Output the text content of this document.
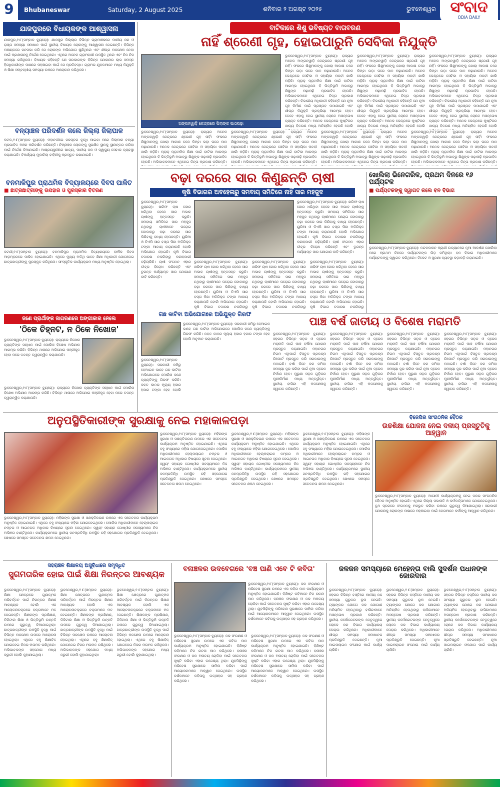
9	Bhubaneswar	Saturday, 2 August 2025	ଶନିବାର ୨ ଅଗଷ୍ଟ ୨୦୨୫	ଭୁବନେଶ୍ୱର ସଂବାଦ
ODIA DAILY
ଯାଜପୁରରେ ବିଧାୟକଙ୍କ ଆଶ୍ୱାସନା
ଯାଜପୁର,୧।୮(ସମ୍ବାଦ ବ୍ୟୁରୋ): ଯାଜପୁର ଜିଲ୍ଲାର ବିଭିନ୍ନ ଗ୍ରାମାଞ୍ଚଳରେ ପାନୀୟ ଜଳ ଓ ରାସ୍ତା ସମସ୍ୟା ସମାଧାନ ପାଇଁ ସ୍ଥାନୀୟ ବିଧାୟକ ଲୋକଙ୍କୁ ଆଶ୍ୱାସନା ଦେଇଛନ୍ତି। ବିଭିନ୍ନ ପଞ୍ଚାୟତରେ ଜନସଭା କରି ସେ ଲୋକଙ୍କ ଅଭିଯୋଗ ଶୁଣିଥିଲେ ଏବଂ ଶୀଘ୍ର ପଦକ୍ଷେପ ନେବା ପାଇଁ ପ୍ରଶାସନକୁ ନିର୍ଦ୍ଦେଶ ଦେଇଥିଲେ। ଏଥିରେ ଅନେକ ଗ୍ରାମବାସୀ ଉପସ୍ଥିତ ଥିଲେ ଏବଂ ନିଜ ନିଜ ସମସ୍ୟା ରଖିଥିଲେ। ବିଧାୟକ କହିଛନ୍ତି ଯେ ସରକାରଙ୍କ ବିଭିନ୍ନ ଯୋଜନାର ଲାଭ ସମସ୍ତ ହିତାଧିକାରୀଙ୍କ ପାଖରେ ପହଞ୍ଚାଇବା ପାଇଁ ସେ ପ୍ରତିବଦ୍ଧ। ଗ୍ରାମର ଯୁବକମାନେ ମଧ୍ୟ ନିଯୁକ୍ତି ଓ ଶିକ୍ଷା ସମ୍ବନ୍ଧୀୟ ସମସ୍ୟା ଉପରେ ଆଲୋଚନା କରିଥିଲେ।
ବନ୍ୟାଞ୍ଚଳ ପରିଦର୍ଶନ କଲେ ଜିଲ୍ଲା ଜିଲାପାଳ
କଟକ,୧।୮(ସମ୍ବାଦ ବ୍ୟୁରୋ): ମହାନଦୀରେ ଜଳସ୍ତର ବୃଦ୍ଧି ପାଇବା ପରେ ଜିଲାପାଳ ବନ୍ୟା ପ୍ରଭାବିତ ଅଞ୍ଚଳ ପରିଦର୍ଶନ କରିଛନ୍ତି। ନିମ୍ନାଞ୍ଚଳ ଲୋକଙ୍କୁ ସୁରକ୍ଷିତ ସ୍ଥାନକୁ ସ୍ଥାନାନ୍ତର କରିବା ପାଇଁ ନିର୍ଦ୍ଦେଶ ଦିଆଯାଇଛି। ଆଶ୍ରୟସ୍ଥଳୀରେ ଖାଦ୍ୟ, ପାନୀୟ ଜଳ ଓ ସ୍ୱାସ୍ଥ୍ୟ ସେବାର ବ୍ୟବସ୍ଥା କରାଯାଇଛି। ବିପର୍ଯ୍ୟୟ ମୁକାବିଲା ବାହିନୀକୁ ପ୍ରସ୍ତୁତ ରଖାଯାଇଛି।
ବନମାଳିପୁର ପ୍ରାଥମିକ ବିଦ୍ୟାଳୟରେ ଦିବସ ପାଳିତ
■ ଛାତ୍ରଛାତ୍ରୀଙ୍କୁ ଉପହାର ଓ ପୁରସ୍କାର ବିତରଣ
ଜଟଣୀ,୧।୮(ସମ୍ବାଦ ବ୍ୟୁରୋ): ବନମାଳିପୁର ପ୍ରାଥମିକ ବିଦ୍ୟାଳୟରେ ବାର୍ଷିକ ଦିବସ ଆଡ଼ମ୍ବରରେ ପାଳିତ ହୋଇଯାଇଛି। ଏଥିରେ ମୁଖ୍ୟ ଅତିଥି ଭାବେ ଶିକ୍ଷା ଅଧିକାରୀ ଯୋଗଦେଇ ଛାତ୍ରଛାତ୍ରୀଙ୍କୁ ପୁରସ୍କୃତ କରିଥିଲେ। ସାଂସ୍କୃତିକ କାର୍ଯ୍ୟକ୍ରମ ମଧ୍ୟ ଅନୁଷ୍ଠିତ ହୋଇଥିଲା।
ଜଣେ ପ୍ରାର୍ଥୀଙ୍କ ଜାଗରଣରେ ଅଙ୍ଗୀକାର ନେଲେ
'ଠିକେ ଚିହ୍ନଟ, ନ ଠିକେ ନିଖୋଜ'
ଭୁବନେଶ୍ୱର,୧।୮(ସମ୍ବାଦ ବ୍ୟୁରୋ): ରାଜ୍ୟରେ ନିଖୋଜ ବ୍ୟକ୍ତିଙ୍କ ସନ୍ଧାନ ପାଇଁ ପୋଲିସ ବିଶେଷ ଅଭିଯାନ ଆରମ୍ଭ କରିଛି। ବିଭିନ୍ନ ଥାନାରେ ଅଭିଯୋଗ ପଞ୍ଜୀକୃତ ହେବା ପରେ ତଦନ୍ତ ତ୍ୱରାନ୍ୱିତ କରାଯାଉଛି।
ଭୁବନେଶ୍ୱର,୧।୮(ସମ୍ବାଦ ବ୍ୟୁରୋ): ରାଜ୍ୟରେ ନିଖୋଜ ବ୍ୟକ୍ତିଙ୍କ ସନ୍ଧାନ ପାଇଁ ପୋଲିସ ବିଶେଷ ଅଭିଯାନ ଆରମ୍ଭ କରିଛି। ବିଭିନ୍ନ ଥାନାରେ ଅଭିଯୋଗ ପଞ୍ଜୀକୃତ ହେବା ପରେ ତଦନ୍ତ ତ୍ୱରାନ୍ୱିତ କରାଯାଉଛି।
ବାଟିକାରେ ଶିଶୁ ଭବିଷ୍ୟତ ବାତାବରଣ
ନାହିଁ ଶ୍ରେଣୀ ଗୃହ, ହୋଇପାରୁନି ସେବିକା ନିଯୁକ୍ତି
ଅଙ୍ଗନୱାଡ଼ି କେନ୍ଦ୍ରରେ ପିଲାଙ୍କ ପାଠପଢ଼ା
ଭୁବନେଶ୍ୱର,୧।୮(ସମ୍ବାଦ ବ୍ୟୁରୋ): ରାଜ୍ୟର ଅନେକ ଅଙ୍ଗନୱାଡ଼ି କେନ୍ଦ୍ରରେ ଶ୍ରେଣୀ ଗୃହ ନାହିଁ। ଫଳରେ ଶିଶୁମାନଙ୍କୁ ଖୋଲା ଆକାଶ ତଳେ କିମ୍ବା ଭଡ଼ା ଘରେ ପାଠ ପଢ଼ାଯାଉଛି। ଅନେକ କେନ୍ଦ୍ରରେ ସେବିକା ଓ ସହାୟିକା ପଦବୀ ଖାଲି ପଡ଼ିଛି। ପ୍ରାକ୍ ପ୍ରାଥମିକ ଶିକ୍ଷା ପାଇଁ ବାଟିକା ଆରମ୍ଭ ହୋଇଥିଲେ ବି ଭିତ୍ତିଭୂମି ଅଭାବରୁ ଶିଶୁଙ୍କ ପଢ଼ାପଢ଼ି ପ୍ରଭାବିତ ହେଉଛି। ଅଭିଭାବକମାନେ ଏଥିନେଇ ଚିନ୍ତା ପ୍ରକାଶ କରିଛନ୍ତି। ବିଭାଗୀୟ ଅଧିକାରୀ କହିଛନ୍ତି ଯେ ନୂଆ ଗୃହ ନିର୍ମାଣ ପାଇଁ ପ୍ରସ୍ତାବ ପଠାଯାଇଛି ଏବଂ ଶୀଘ୍ର ନିଯୁକ୍ତି ପ୍ରକ୍ରିୟା ଆରମ୍ଭ ହେବ। ତେବେ ଏହାକୁ ନେଇ ସ୍ଥାନୀୟ ଲୋକେ ଅସନ୍ତୋଷ ବ୍ୟକ୍ତ କରିଛନ୍ତି। ଅନେକ କେନ୍ଦ୍ରରେ ପୁଷ୍ଟିକର ଖାଦ୍ୟ ବିତରଣ ମଧ୍ୟ ଅନିୟମିତ ହେଉଛି ବୋଲି
ଭୁବନେଶ୍ୱର,୧।୮(ସମ୍ବାଦ ବ୍ୟୁରୋ): ରାଜ୍ୟର ଅନେକ ଅଙ୍ଗନୱାଡ଼ି କେନ୍ଦ୍ରରେ ଶ୍ରେଣୀ ଗୃହ ନାହିଁ। ଫଳରେ ଶିଶୁମାନଙ୍କୁ ଖୋଲା ଆକାଶ ତଳେ କିମ୍ବା ଭଡ଼ା ଘରେ ପାଠ ପଢ଼ାଯାଉଛି। ଅନେକ କେନ୍ଦ୍ରରେ ସେବିକା ଓ ସହାୟିକା ପଦବୀ ଖାଲି ପଡ଼ିଛି। ପ୍ରାକ୍ ପ୍ରାଥମିକ ଶିକ୍ଷା ପାଇଁ ବାଟିକା ଆରମ୍ଭ ହୋଇଥିଲେ ବି ଭିତ୍ତିଭୂମି ଅଭାବରୁ ଶିଶୁଙ୍କ ପଢ଼ାପଢ଼ି ପ୍ରଭାବିତ ହେଉଛି। ଅଭିଭାବକମାନେ ଏଥିନେଇ ଚିନ୍ତା ପ୍ରକାଶ କରିଛନ୍ତି। ବିଭାଗୀୟ ଅଧିକାରୀ କହିଛନ୍ତି ଯେ ନୂଆ ଗୃହ ନିର୍ମାଣ ପାଇଁ ପ୍ରସ୍ତାବ ପଠାଯାଇଛି ଏବଂ ଶୀଘ୍ର ନିଯୁକ୍ତି ପ୍ରକ୍ରିୟା ଆରମ୍ଭ ହେବ। ତେବେ ଏହାକୁ ନେଇ ସ୍ଥାନୀୟ ଲୋକେ ଅସନ୍ତୋଷ ବ୍ୟକ୍ତ କରିଛନ୍ତି। ଅନେକ କେନ୍ଦ୍ରରେ ପୁଷ୍ଟିକର ଖାଦ୍ୟ ବିତରଣ ମଧ୍ୟ ଅନିୟମିତ ହେଉଛି ବୋଲି
ଭୁବନେଶ୍ୱର,୧।୮(ସମ୍ବାଦ ବ୍ୟୁରୋ): ରାଜ୍ୟର ଅନେକ ଅଙ୍ଗନୱାଡ଼ି କେନ୍ଦ୍ରରେ ଶ୍ରେଣୀ ଗୃହ ନାହିଁ। ଫଳରେ ଶିଶୁମାନଙ୍କୁ ଖୋଲା ଆକାଶ ତଳେ କିମ୍ବା ଭଡ଼ା ଘରେ ପାଠ ପଢ଼ାଯାଉଛି। ଅନେକ କେନ୍ଦ୍ରରେ ସେବିକା ଓ ସହାୟିକା ପଦବୀ ଖାଲି ପଡ଼ିଛି। ପ୍ରାକ୍ ପ୍ରାଥମିକ ଶିକ୍ଷା ପାଇଁ ବାଟିକା ଆରମ୍ଭ ହୋଇଥିଲେ ବି ଭିତ୍ତିଭୂମି ଅଭାବରୁ ଶିଶୁଙ୍କ ପଢ଼ାପଢ଼ି ପ୍ରଭାବିତ ହେଉଛି। ଅଭିଭାବକମାନେ ଏଥିନେଇ ଚିନ୍ତା ପ୍ରକାଶ କରିଛନ୍ତି। ବିଭାଗୀୟ ଅଧିକାରୀ କହିଛନ୍ତି ଯେ ନୂଆ ଗୃହ ନିର୍ମାଣ ପାଇଁ ପ୍ରସ୍ତାବ ପଠାଯାଇଛି ଏବଂ ଶୀଘ୍ର ନିଯୁକ୍ତି ପ୍ରକ୍ରିୟା ଆରମ୍ଭ ହେବ। ତେବେ ଏହାକୁ ନେଇ ସ୍ଥାନୀୟ ଲୋକେ ଅସନ୍ତୋଷ ବ୍ୟକ୍ତ କରିଛନ୍ତି। ଅନେକ କେନ୍ଦ୍ରରେ ପୁଷ୍ଟିକର ଖାଦ୍ୟ ବିତରଣ ମଧ୍ୟ ଅନିୟମିତ ହେଉଛି ବୋଲି
ଭୁବନେଶ୍ୱର,୧।୮(ସମ୍ବାଦ ବ୍ୟୁରୋ): ରାଜ୍ୟର ଅନେକ ଅଙ୍ଗନୱାଡ଼ି କେନ୍ଦ୍ରରେ ଶ୍ରେଣୀ ଗୃହ ନାହିଁ। ଫଳରେ ଶିଶୁମାନଙ୍କୁ ଖୋଲା ଆକାଶ ତଳେ କିମ୍ବା ଭଡ଼ା ଘରେ ପାଠ ପଢ଼ାଯାଉଛି। ଅନେକ କେନ୍ଦ୍ରରେ ସେବିକା ଓ ସହାୟିକା ପଦବୀ ଖାଲି ପଡ଼ିଛି। ପ୍ରାକ୍ ପ୍ରାଥମିକ ଶିକ୍ଷା ପାଇଁ ବାଟିକା ଆରମ୍ଭ ହୋଇଥିଲେ ବି ଭିତ୍ତିଭୂମି ଅଭାବରୁ ଶିଶୁଙ୍କ ପଢ଼ାପଢ଼ି ପ୍ରଭାବିତ ହେଉଛି। ଅଭିଭାବକମାନେ ଏଥିନେଇ ଚିନ୍ତା ପ୍ରକାଶ କରିଛନ୍ତି।
ଭୁବନେଶ୍ୱର,୧।୮(ସମ୍ବାଦ ବ୍ୟୁରୋ): ରାଜ୍ୟର ଅନେକ ଅଙ୍ଗନୱାଡ଼ି କେନ୍ଦ୍ରରେ ଶ୍ରେଣୀ ଗୃହ ନାହିଁ। ଫଳରେ ଶିଶୁମାନଙ୍କୁ ଖୋଲା ଆକାଶ ତଳେ କିମ୍ବା ଭଡ଼ା ଘରେ ପାଠ ପଢ଼ାଯାଉଛି। ଅନେକ କେନ୍ଦ୍ରରେ ସେବିକା ଓ ସହାୟିକା ପଦବୀ ଖାଲି ପଡ଼ିଛି। ପ୍ରାକ୍ ପ୍ରାଥମିକ ଶିକ୍ଷା ପାଇଁ ବାଟିକା ଆରମ୍ଭ ହୋଇଥିଲେ ବି ଭିତ୍ତିଭୂମି ଅଭାବରୁ ଶିଶୁଙ୍କ ପଢ଼ାପଢ଼ି ପ୍ରଭାବିତ ହେଉଛି। ଅଭିଭାବକମାନେ ଏଥିନେଇ ଚିନ୍ତା ପ୍ରକାଶ କରିଛନ୍ତି।
ଭୁବନେଶ୍ୱର,୧।୮(ସମ୍ବାଦ ବ୍ୟୁରୋ): ରାଜ୍ୟର ଅନେକ ଅଙ୍ଗନୱାଡ଼ି କେନ୍ଦ୍ରରେ ଶ୍ରେଣୀ ଗୃହ ନାହିଁ। ଫଳରେ ଶିଶୁମାନଙ୍କୁ ଖୋଲା ଆକାଶ ତଳେ କିମ୍ବା ଭଡ଼ା ଘରେ ପାଠ ପଢ଼ାଯାଉଛି। ଅନେକ କେନ୍ଦ୍ରରେ ସେବିକା ଓ ସହାୟିକା ପଦବୀ ଖାଲି ପଡ଼ିଛି। ପ୍ରାକ୍ ପ୍ରାଥମିକ ଶିକ୍ଷା ପାଇଁ ବାଟିକା ଆରମ୍ଭ ହୋଇଥିଲେ ବି ଭିତ୍ତିଭୂମି ଅଭାବରୁ ଶିଶୁଙ୍କ ପଢ଼ାପଢ଼ି ପ୍ରଭାବିତ ହେଉଛି। ଅଭିଭାବକମାନେ ଏଥିନେଇ ଚିନ୍ତା ପ୍ରକାଶ କରିଛନ୍ତି।
ଭୁବନେଶ୍ୱର,୧।୮(ସମ୍ବାଦ ବ୍ୟୁରୋ): ରାଜ୍ୟର ଅନେକ ଅଙ୍ଗନୱାଡ଼ି କେନ୍ଦ୍ରରେ ଶ୍ରେଣୀ ଗୃହ ନାହିଁ। ଫଳରେ ଶିଶୁମାନଙ୍କୁ ଖୋଲା ଆକାଶ ତଳେ କିମ୍ବା ଭଡ଼ା ଘରେ ପାଠ ପଢ଼ାଯାଉଛି। ଅନେକ କେନ୍ଦ୍ରରେ ସେବିକା ଓ ସହାୟିକା ପଦବୀ ଖାଲି ପଡ଼ିଛି। ପ୍ରାକ୍ ପ୍ରାଥମିକ ଶିକ୍ଷା ପାଇଁ ବାଟିକା ଆରମ୍ଭ ହୋଇଥିଲେ ବି ଭିତ୍ତିଭୂମି ଅଭାବରୁ ଶିଶୁଙ୍କ ପଢ଼ାପଢ଼ି ପ୍ରଭାବିତ ହେଉଛି। ଅଭିଭାବକମାନେ ଏଥିନେଇ ଚିନ୍ତା ପ୍ରକାଶ କରିଛନ୍ତି।
ବଢ଼ା ଦରରେ ସାର କିଣୁଛନ୍ତି ଚାଷୀ
କୃଷି ବିଭାଗର ଅବହେଳାରୁ ସମବାୟ ସମିତିରେ ନାହିଁ ସାର ମହଜୁଦ
ଭୁବନେଶ୍ୱର,୧।୮(ସମ୍ବାଦ ବ୍ୟୁରୋ): ଖରିଫ ଚାଷ ଜୋର ଧରିଥିବା ବେଳେ ସାର ଅଭାବ ଚାଷୀଙ୍କୁ ହନ୍ତସନ୍ତ କରୁଛି। ସମବାୟ ସମିତିରେ ସାର ମହଜୁଦ ନଥିବାରୁ ଚାଷୀମାନେ ଘରୋଇ ଦୋକାନରୁ ବଢ଼ା ଦରରେ ସାର କିଣିବାକୁ ବାଧ୍ୟ ହେଉଛନ୍ତି। ୟୁରିଆ ଓ ଡିଏପି ସାର ବସ୍ତା ପିଛା ଅତିରିକ୍ତ ଟଙ୍କା ଆଦାୟ କରାଯାଉଛି ବୋଲି ଅଭିଯୋଗ ହୋଇଛି। କୃଷି ବିଭାଗ ତଦାରଖ ନକରିବାରୁ କଳାବଜାରୀ ବଢ଼ିଚାଲିଛି। ଚାଷୀ ସଂଗଠନ ଏହାର ତୀବ୍ର ବିରୋଧ କରିଛନ୍ତି ଏବଂ ତୁରନ୍ତ ପର୍ଯ୍ୟାପ୍ତ ସାର ଯୋଗାଣ ଦାବି କରିଛନ୍ତି।
ଭୁବନେଶ୍ୱର,୧।୮(ସମ୍ବାଦ ବ୍ୟୁରୋ): ଖରିଫ ଚାଷ ଜୋର ଧରିଥିବା ବେଳେ ସାର ଅଭାବ ଚାଷୀଙ୍କୁ ହନ୍ତସନ୍ତ କରୁଛି। ସମବାୟ ସମିତିରେ ସାର ମହଜୁଦ ନଥିବାରୁ ଚାଷୀମାନେ ଘରୋଇ ଦୋକାନରୁ ବଢ଼ା ଦରରେ ସାର କିଣିବାକୁ ବାଧ୍ୟ ହେଉଛନ୍ତି। ୟୁରିଆ ଓ ଡିଏପି ସାର ବସ୍ତା ପିଛା ଅତିରିକ୍ତ ଟଙ୍କା ଆଦାୟ କରାଯାଉଛି ବୋଲି ଅଭିଯୋଗ ହୋଇଛି। କୃଷି ବିଭାଗ ତଦାରଖ ନକରିବାରୁ
ଭୁବନେଶ୍ୱର,୧।୮(ସମ୍ବାଦ ବ୍ୟୁରୋ): ଖରିଫ ଚାଷ ଜୋର ଧରିଥିବା ବେଳେ ସାର ଅଭାବ ଚାଷୀଙ୍କୁ ହନ୍ତସନ୍ତ କରୁଛି। ସମବାୟ ସମିତିରେ ସାର ମହଜୁଦ ନଥିବାରୁ ଚାଷୀମାନେ ଘରୋଇ ଦୋକାନରୁ ବଢ଼ା ଦରରେ ସାର କିଣିବାକୁ ବାଧ୍ୟ ହେଉଛନ୍ତି। ୟୁରିଆ ଓ ଡିଏପି ସାର ବସ୍ତା ପିଛା ଅତିରିକ୍ତ ଟଙ୍କା ଆଦାୟ କରାଯାଉଛି ବୋଲି ଅଭିଯୋଗ ହୋଇଛି। କୃଷି ବିଭାଗ ତଦାରଖ ନକରିବାରୁ
ଭୁବନେଶ୍ୱର,୧।୮(ସମ୍ବାଦ ବ୍ୟୁରୋ): ଖରିଫ ଚାଷ ଜୋର ଧରିଥିବା ବେଳେ ସାର ଅଭାବ ଚାଷୀଙ୍କୁ ହନ୍ତସନ୍ତ କରୁଛି। ସମବାୟ ସମିତିରେ ସାର ମହଜୁଦ ନଥିବାରୁ ଚାଷୀମାନେ ଘରୋଇ ଦୋକାନରୁ ବଢ଼ା ଦରରେ ସାର କିଣିବାକୁ ବାଧ୍ୟ ହେଉଛନ୍ତି। ୟୁରିଆ ଓ ଡିଏପି ସାର ବସ୍ତା ପିଛା ଅତିରିକ୍ତ ଟଙ୍କା ଆଦାୟ କରାଯାଉଛି ବୋଲି ଅଭିଯୋଗ ହୋଇଛି। କୃଷି ବିଭାଗ ତଦାରଖ ନକରିବାରୁ
ଭୁବନେଶ୍ୱର,୧।୮(ସମ୍ବାଦ ବ୍ୟୁରୋ): ଖରିଫ ଚାଷ ଜୋର ଧରିଥିବା ବେଳେ ସାର ଅଭାବ ଚାଷୀଙ୍କୁ ହନ୍ତସନ୍ତ କରୁଛି। ସମବାୟ ସମିତିରେ ସାର ମହଜୁଦ ନଥିବାରୁ ଚାଷୀମାନେ ଘରୋଇ ଦୋକାନରୁ ବଢ଼ା ଦରରେ ସାର କିଣିବାକୁ ବାଧ୍ୟ ହେଉଛନ୍ତି। ୟୁରିଆ ଓ ଡିଏପି ସାର ବସ୍ତା ପିଛା ଅତିରିକ୍ତ ଟଙ୍କା ଆଦାୟ କରାଯାଉଛି ବୋଲି ଅଭିଯୋଗ ହୋଇଛି। କୃଷି ବିଭାଗ ତଦାରଖ ନକରିବାରୁ କଳାବଜାରୀ ବଢ଼ିଚାଲିଛି। ଚାଷୀ ସଂଗଠନ ଏହାର ତୀବ୍ର ବିରୋଧ କରିଛନ୍ତି ଏବଂ ତୁରନ୍ତ ପର୍ଯ୍ୟାପ୍ତ ସାର ଯୋଗାଣ ଦାବି କରିଛନ୍ତି।
ଗଛ କାଟିବା ଅଭିଯୋଗରେ ଅଭିଯୁକ୍ତ ଗିରଫ
ଭୁବନେଶ୍ୱର,୧।୮(ସମ୍ବାଦ ବ୍ୟୁରୋ): ସରକାରୀ ଜମିରୁ ବେଆଇନ ଭାବେ ଗଛ କାଟିବା ଅଭିଯୋଗରେ ପୋଲିସ ଜଣେ ବ୍ୟକ୍ତିଙ୍କୁ ଗିରଫ କରିଛି। ଜବତ କାଠର ମୂଲ୍ୟ ହଜାର ହଜାର ଟଙ୍କା ହେବ ବୋଲି ଅନୁମାନ କରାଯାଉଛି।
ଭୁବନେଶ୍ୱର,୧।୮(ସମ୍ବାଦ ବ୍ୟୁରୋ): ସରକାରୀ ଜମିରୁ ବେଆଇନ ଭାବେ ଗଛ କାଟିବା ଅଭିଯୋଗରେ ପୋଲିସ ଜଣେ ବ୍ୟକ୍ତିଙ୍କୁ ଗିରଫ କରିଛି। ଜବତ କାଠର ମୂଲ୍ୟ ହଜାର ହଜାର ଟଙ୍କା ହେବ ବୋଲି
ଖୋଲିଲା ଭିନେଗରିକ, ପ୍ରଥମ ଦିନରେ ୧୬ ପର୍ଯ୍ୟଟକ
■ ପର୍ଯ୍ୟଟକଙ୍କୁ ସ୍ୱାଗତ କଲେ ବନ ବିଭାଗ
ଭୁବନେଶ୍ୱର,୧।୮(ସମ୍ବାଦ ବ୍ୟୁରୋ): ନନ୍ଦନକାନନ ପ୍ରାଣୀ ଉଦ୍ୟାନରେ ନୂଆ ଆକର୍ଷଣ ଖୋଲିବା ପରେ ପ୍ରଥମ ଦିନରେ ପର୍ଯ୍ୟଟକଙ୍କ ଭିଡ଼ ଜମିଥିଲା। ବନ ବିଭାଗ ଅଧିକାରୀମାନେ ପର୍ଯ୍ୟଟକଙ୍କୁ ସ୍ୱାଗତ କରିଥିଲେ। ଟିକେଟ ଓ ସୁରକ୍ଷା ବ୍ୟବସ୍ଥା କଡ଼ାକଡ଼ି କରାଯାଇଛି।
ପାଞ୍ଚ ବର୍ଷ ଜାତୀୟ ଓ ବିଶେଷ ମରାମତି
ଭୁବନେଶ୍ୱର,୧।୮(ସମ୍ବାଦ ବ୍ୟୁରୋ): ସହରର ବିଭିନ୍ନ ସଡ଼କ ଓ ଡ୍ରେନ ମରାମତି ପାଇଁ ପାଞ୍ଚ ବର୍ଷିଆ ଯୋଜନା ପ୍ରସ୍ତୁତ କରାଯାଇଛି। ମହାନଗର ନିଗମ ଏଥିପାଇଁ ବିସ୍ତୃତ ପ୍ରକଳ୍ପ ରିପୋର୍ଟ ପ୍ରସ୍ତୁତ କରି ସରକାରଙ୍କୁ ପଠାଇଛି। ବର୍ଷା ଦିନେ ଜଳ ଜମିବା ସମସ୍ୟା ଦୂର କରିବା ପାଇଁ ନୂଆ ଡ୍ରେନ ନିର୍ମାଣ ହେବ। ପୁରୁଣା ସଡ଼କ ଗୁଡ଼ିକର ପୁନଃନିର୍ମାଣ ମଧ୍ୟ ଅନ୍ତର୍ଭୁକ୍ତ। ସ୍ଥାନୀୟ ବାସିନ୍ଦା ଏହି ପଦକ୍ଷେପକୁ ସ୍ୱାଗତ କରିଛନ୍ତି।
ଭୁବନେଶ୍ୱର,୧।୮(ସମ୍ବାଦ ବ୍ୟୁରୋ): ସହରର ବିଭିନ୍ନ ସଡ଼କ ଓ ଡ୍ରେନ ମରାମତି ପାଇଁ ପାଞ୍ଚ ବର୍ଷିଆ ଯୋଜନା ପ୍ରସ୍ତୁତ କରାଯାଇଛି। ମହାନଗର ନିଗମ ଏଥିପାଇଁ ବିସ୍ତୃତ ପ୍ରକଳ୍ପ ରିପୋର୍ଟ ପ୍ରସ୍ତୁତ କରି ସରକାରଙ୍କୁ ପଠାଇଛି। ବର୍ଷା ଦିନେ ଜଳ ଜମିବା ସମସ୍ୟା ଦୂର କରିବା ପାଇଁ ନୂଆ ଡ୍ରେନ ନିର୍ମାଣ ହେବ। ପୁରୁଣା ସଡ଼କ ଗୁଡ଼ିକର ପୁନଃନିର୍ମାଣ ମଧ୍ୟ ଅନ୍ତର୍ଭୁକ୍ତ। ସ୍ଥାନୀୟ ବାସିନ୍ଦା ଏହି ପଦକ୍ଷେପକୁ ସ୍ୱାଗତ କରିଛନ୍ତି।
ଭୁବନେଶ୍ୱର,୧।୮(ସମ୍ବାଦ ବ୍ୟୁରୋ): ସହରର ବିଭିନ୍ନ ସଡ଼କ ଓ ଡ୍ରେନ ମରାମତି ପାଇଁ ପାଞ୍ଚ ବର୍ଷିଆ ଯୋଜନା ପ୍ରସ୍ତୁତ କରାଯାଇଛି। ମହାନଗର ନିଗମ ଏଥିପାଇଁ ବିସ୍ତୃତ ପ୍ରକଳ୍ପ ରିପୋର୍ଟ ପ୍ରସ୍ତୁତ କରି ସରକାରଙ୍କୁ ପଠାଇଛି। ବର୍ଷା ଦିନେ ଜଳ ଜମିବା ସମସ୍ୟା ଦୂର କରିବା ପାଇଁ ନୂଆ ଡ୍ରେନ ନିର୍ମାଣ ହେବ। ପୁରୁଣା ସଡ଼କ ଗୁଡ଼ିକର ପୁନଃନିର୍ମାଣ ମଧ୍ୟ ଅନ୍ତର୍ଭୁକ୍ତ। ସ୍ଥାନୀୟ ବାସିନ୍ଦା ଏହି ପଦକ୍ଷେପକୁ ସ୍ୱାଗତ କରିଛନ୍ତି।
ଭୁବନେଶ୍ୱର,୧।୮(ସମ୍ବାଦ ବ୍ୟୁରୋ): ସହରର ବିଭିନ୍ନ ସଡ଼କ ଓ ଡ୍ରେନ ମରାମତି ପାଇଁ ପାଞ୍ଚ ବର୍ଷିଆ ଯୋଜନା ପ୍ରସ୍ତୁତ କରାଯାଇଛି। ମହାନଗର ନିଗମ ଏଥିପାଇଁ ବିସ୍ତୃତ ପ୍ରକଳ୍ପ ରିପୋର୍ଟ ପ୍ରସ୍ତୁତ କରି ସରକାରଙ୍କୁ ପଠାଇଛି। ବର୍ଷା ଦିନେ ଜଳ ଜମିବା ସମସ୍ୟା ଦୂର କରିବା ପାଇଁ ନୂଆ ଡ୍ରେନ ନିର୍ମାଣ ହେବ। ପୁରୁଣା ସଡ଼କ ଗୁଡ଼ିକର ପୁନଃନିର୍ମାଣ ମଧ୍ୟ ଅନ୍ତର୍ଭୁକ୍ତ। ସ୍ଥାନୀୟ ବାସିନ୍ଦା ଏହି ପଦକ୍ଷେପକୁ ସ୍ୱାଗତ କରିଛନ୍ତି।
ଅନୁପସ୍ଥିତିକାରୀଙ୍କ ସୁରକ୍ଷାକୁ ନେଇ ମହାକାଳପଡ଼ା
ଭୁବନେଶ୍ୱର,୧।୮(ସମ୍ବାଦ ବ୍ୟୁରୋ): ମହିଳାଙ୍କ ସୁରକ୍ଷା ଓ ସଶକ୍ତିକରଣ ଉପରେ ଏକ ସଚେତନତା କାର୍ଯ୍ୟକ୍ରମ ଅନୁଷ୍ଠିତ ହୋଇଯାଇଛି। ଏଥିରେ ବହୁ ସଂଖ୍ୟାରେ ମହିଳା ଯୋଗଦେଇଥିଲେ। ପୋଲିସ ଅଧିକାରୀମାନେ ହେଲ୍ପଲାଇନ ନମ୍ବର ଓ ଆଇନଗତ ଅଧିକାର ବିଷୟରେ ସୂଚନା ଦେଇଥିଲେ। ସ୍ୱୟଂ ସହାୟକ ଗୋଷ୍ଠୀର ସଦସ୍ୟମାନେ ନିଜ ଅଭିଜ୍ଞତା ବାଣ୍ଟିଥିଲେ। କାର୍ଯ୍ୟକ୍ରମରେ ସ୍ଥାନୀୟ ଜନପ୍ରତିନିଧି ଉପସ୍ଥିତ ରହି ସହଯୋଗର ପ୍ରତିଶ୍ରୁତି ଦେଇଥିଲେ। ଶେଷରେ ସମସ୍ତେ ସଚେତନତା ଶପଥ ନେଇଥିଲେ।
ଭୁବନେଶ୍ୱର,୧।୮(ସମ୍ବାଦ ବ୍ୟୁରୋ): ମହିଳାଙ୍କ ସୁରକ୍ଷା ଓ ସଶକ୍ତିକରଣ ଉପରେ ଏକ ସଚେତନତା କାର୍ଯ୍ୟକ୍ରମ ଅନୁଷ୍ଠିତ ହୋଇଯାଇଛି। ଏଥିରେ ବହୁ ସଂଖ୍ୟାରେ ମହିଳା ଯୋଗଦେଇଥିଲେ। ପୋଲିସ ଅଧିକାରୀମାନେ ହେଲ୍ପଲାଇନ ନମ୍ବର ଓ ଆଇନଗତ ଅଧିକାର ବିଷୟରେ ସୂଚନା ଦେଇଥିଲେ। ସ୍ୱୟଂ ସହାୟକ ଗୋଷ୍ଠୀର ସଦସ୍ୟମାନେ ନିଜ ଅଭିଜ୍ଞତା ବାଣ୍ଟିଥିଲେ। କାର୍ଯ୍ୟକ୍ରମରେ ସ୍ଥାନୀୟ ଜନପ୍ରତିନିଧି ଉପସ୍ଥିତ ରହି ସହଯୋଗର ପ୍ରତିଶ୍ରୁତି ଦେଇଥିଲେ। ଶେଷରେ ସମସ୍ତେ ସଚେତନତା ଶପଥ ନେଇଥିଲେ।
ଭୁବନେଶ୍ୱର,୧।୮(ସମ୍ବାଦ ବ୍ୟୁରୋ): ମହିଳାଙ୍କ ସୁରକ୍ଷା ଓ ସଶକ୍ତିକରଣ ଉପରେ ଏକ ସଚେତନତା କାର୍ଯ୍ୟକ୍ରମ ଅନୁଷ୍ଠିତ ହୋଇଯାଇଛି। ଏଥିରେ ବହୁ ସଂଖ୍ୟାରେ ମହିଳା ଯୋଗଦେଇଥିଲେ। ପୋଲିସ ଅଧିକାରୀମାନେ ହେଲ୍ପଲାଇନ ନମ୍ବର ଓ ଆଇନଗତ ଅଧିକାର ବିଷୟରେ ସୂଚନା ଦେଇଥିଲେ। ସ୍ୱୟଂ ସହାୟକ ଗୋଷ୍ଠୀର ସଦସ୍ୟମାନେ ନିଜ ଅଭିଜ୍ଞତା ବାଣ୍ଟିଥିଲେ। କାର୍ଯ୍ୟକ୍ରମରେ ସ୍ଥାନୀୟ ଜନପ୍ରତିନିଧି ଉପସ୍ଥିତ ରହି ସହଯୋଗର ପ୍ରତିଶ୍ରୁତି ଦେଇଥିଲେ। ଶେଷରେ ସମସ୍ତେ ସଚେତନତା ଶପଥ ନେଇଥିଲେ।
ଭୁବନେଶ୍ୱର,୧।୮(ସମ୍ବାଦ ବ୍ୟୁରୋ): ମହିଳାଙ୍କ ସୁରକ୍ଷା ଓ ସଶକ୍ତିକରଣ ଉପରେ ଏକ ସଚେତନତା କାର୍ଯ୍ୟକ୍ରମ ଅନୁଷ୍ଠିତ ହୋଇଯାଇଛି। ଏଥିରେ ବହୁ ସଂଖ୍ୟାରେ ମହିଳା ଯୋଗଦେଇଥିଲେ। ପୋଲିସ ଅଧିକାରୀମାନେ ହେଲ୍ପଲାଇନ ନମ୍ବର ଓ ଆଇନଗତ ଅଧିକାର ବିଷୟରେ ସୂଚନା ଦେଇଥିଲେ। ସ୍ୱୟଂ ସହାୟକ ଗୋଷ୍ଠୀର ସଦସ୍ୟମାନେ ନିଜ ଅଭିଜ୍ଞତା ବାଣ୍ଟିଥିଲେ। କାର୍ଯ୍ୟକ୍ରମରେ ସ୍ଥାନୀୟ ଜନପ୍ରତିନିଧି ଉପସ୍ଥିତ ରହି ସହଯୋଗର ପ୍ରତିଶ୍ରୁତି ଦେଇଥିଲେ। ଶେଷରେ ସମସ୍ତେ ସଚେତନତା ଶପଥ ନେଇଥିଲେ।
ବିଜେପିର ସାଂଗଠନିକ ବୈଠକ
ଉଚ୍ଚଶିକ୍ଷା ଯୋଜନା ନେଇ ଦଳୀୟ ପ୍ରସ୍ତୁତିକୁ ଆହ୍ୱାନ
ଭୁବନେଶ୍ୱର,୧।୮(ସମ୍ବାଦ ବ୍ୟୁରୋ): ଆଗାମୀ କାର୍ଯ୍ୟକ୍ରମକୁ ନେଇ ଦଳର ସାଂଗଠନିକ ବୈଠକ ଅନୁଷ୍ଠିତ ହୋଇଛି। ଏଥିରେ ଜିଲ୍ଲା ସଭାପତି ଓ କର୍ମକର୍ତ୍ତାମାନେ ଯୋଗଦେଇଥିଲେ। ବୁଥ ସ୍ତରରେ ସଂଗଠନକୁ ମଜଭୁତ କରିବା ଉପରେ ଗୁରୁତ୍ୱ ଦିଆଯାଇଥିଲା। ସରକାରୀ ଯୋଜନାକୁ ଲୋକଙ୍କ ପାଖରେ ପହଞ୍ଚାଇବା ପାଇଁ ନେତାମାନେ କର୍ମୀଙ୍କୁ ଆହ୍ୱାନ କରିଥିଲେ।
ସହରାଞ୍ଚଳ ଶିକ୍ଷାଳୟ ଅସୁବିଧାରେ ସମୃଦ୍ଧିତ
ସୁଗମତାରିକ ହୋଇ ପାଇଁ ଶିକ୍ଷା ନିରନ୍ତର ଆବଶ୍ୟକ
ଭୁବନେଶ୍ୱର,୧।୮(ସମ୍ବାଦ ବ୍ୟୁରୋ): ଶିକ୍ଷା କ୍ଷେତ୍ରରେ ଗୁଣାତ୍ମକ ପରିବର୍ତ୍ତନ ପାଇଁ ନିରନ୍ତର ଶିକ୍ଷଣ ଆବଶ୍ୟକ ବୋଲି ଏକ ଆଲୋଚନାଚକ୍ରରେ ବକ୍ତାମାନେ ମତ ଦେଇଛନ୍ତି। ଶିକ୍ଷକଙ୍କ ପ୍ରଶିକ୍ଷଣ, ଡିଜିଟାଲ ଶିକ୍ଷା ଓ ଭିତ୍ତିଭୂମି ଉନ୍ନତି ଉପରେ ଗୁରୁତ୍ୱ ଦିଆଯାଇଥିଲା। ଛାତ୍ରଛାତ୍ରୀଙ୍କ ଉପସ୍ଥିତି ବୃଦ୍ଧି ପାଇଁ ବିଭିନ୍ନ ପଦକ୍ଷେପ ଉପରେ ଆଲୋଚନା ହୋଇଥିଲା। ଏଥିରେ ବହୁ ଶିକ୍ଷାବିତ୍ ଯୋଗଦେଇ ନିଜର ମତାମତ ରଖିଥିଲେ। ଅଭିଭାବକଙ୍କ ସହଯୋଗ ମଧ୍ୟ ଜରୁରୀ ବୋଲି କୁହାଯାଇଥିଲା।
ଭୁବନେଶ୍ୱର,୧।୮(ସମ୍ବାଦ ବ୍ୟୁରୋ): ଶିକ୍ଷା କ୍ଷେତ୍ରରେ ଗୁଣାତ୍ମକ ପରିବର୍ତ୍ତନ ପାଇଁ ନିରନ୍ତର ଶିକ୍ଷଣ ଆବଶ୍ୟକ ବୋଲି ଏକ ଆଲୋଚନାଚକ୍ରରେ ବକ୍ତାମାନେ ମତ ଦେଇଛନ୍ତି। ଶିକ୍ଷକଙ୍କ ପ୍ରଶିକ୍ଷଣ, ଡିଜିଟାଲ ଶିକ୍ଷା ଓ ଭିତ୍ତିଭୂମି ଉନ୍ନତି ଉପରେ ଗୁରୁତ୍ୱ ଦିଆଯାଇଥିଲା। ଛାତ୍ରଛାତ୍ରୀଙ୍କ ଉପସ୍ଥିତି ବୃଦ୍ଧି ପାଇଁ ବିଭିନ୍ନ ପଦକ୍ଷେପ ଉପରେ ଆଲୋଚନା ହୋଇଥିଲା। ଏଥିରେ ବହୁ ଶିକ୍ଷାବିତ୍ ଯୋଗଦେଇ ନିଜର ମତାମତ ରଖିଥିଲେ। ଅଭିଭାବକଙ୍କ ସହଯୋଗ ମଧ୍ୟ ଜରୁରୀ ବୋଲି କୁହାଯାଇଥିଲା।
ଭୁବନେଶ୍ୱର,୧।୮(ସମ୍ବାଦ ବ୍ୟୁରୋ): ଶିକ୍ଷା କ୍ଷେତ୍ରରେ ଗୁଣାତ୍ମକ ପରିବର୍ତ୍ତନ ପାଇଁ ନିରନ୍ତର ଶିକ୍ଷଣ ଆବଶ୍ୟକ ବୋଲି ଏକ ଆଲୋଚନାଚକ୍ରରେ ବକ୍ତାମାନେ ମତ ଦେଇଛନ୍ତି। ଶିକ୍ଷକଙ୍କ ପ୍ରଶିକ୍ଷଣ, ଡିଜିଟାଲ ଶିକ୍ଷା ଓ ଭିତ୍ତିଭୂମି ଉନ୍ନତି ଉପରେ ଗୁରୁତ୍ୱ ଦିଆଯାଇଥିଲା। ଛାତ୍ରଛାତ୍ରୀଙ୍କ ଉପସ୍ଥିତି ବୃଦ୍ଧି ପାଇଁ ବିଭିନ୍ନ ପଦକ୍ଷେପ ଉପରେ ଆଲୋଚନା ହୋଇଥିଲା। ଏଥିରେ ବହୁ ଶିକ୍ଷାବିତ୍ ଯୋଗଦେଇ ନିଜର ମତାମତ ରଖିଥିଲେ। ଅଭିଭାବକଙ୍କ ସହଯୋଗ ମଧ୍ୟ ଜରୁରୀ ବୋଲି କୁହାଯାଇଥିଲା।
ବନାଞ୍ଚଳର ଉଦବେଗରେ 'ବଞ୍ଚ ପାଣି ଏବେ ଟି କବିତା'
ଭୁବନେଶ୍ୱର,୧।୮(ସମ୍ବାଦ ବ୍ୟୁରୋ): ଜଳ ସଂରକ୍ଷଣ ଓ ପରିବେଶ ସୁରକ୍ଷା ଉପରେ ଏକ କବିତା ପାଠ କାର୍ଯ୍ୟକ୍ରମ ଅନୁଷ୍ଠିତ ହୋଇଯାଇଛି। ବିଶିଷ୍ଟ କବିମାନେ ନିଜ ରଚନା ପାଠ କରିଥିଲେ। ବନାଞ୍ଚଳ ସଂରକ୍ଷଣ ଓ ଜଳ ଅପଚୟ ରୋକିବା ପାଇଁ ସଚେତନତା ସୃଷ୍ଟି କରିବା ଏହାର ଉଦ୍ଦେଶ୍ୟ ଥିଲା। ଯୁବପିଢ଼ିଙ୍କୁ ପରିବେଶ ସୁରକ୍ଷାରେ ସାମିଲ କରିବା ପାଇଁ ଆୟୋଜକମାନେ ଆହ୍ୱାନ ଦେଇଥିଲେ। ଉପସ୍ଥିତ ଦର୍ଶକମାନେ କବିତାକୁ ଉତ୍ସାହର ସହ ଗ୍ରହଣ କରିଥିଲେ।
ଭୁବନେଶ୍ୱର,୧।୮(ସମ୍ବାଦ ବ୍ୟୁରୋ): ଜଳ ସଂରକ୍ଷଣ ଓ ପରିବେଶ ସୁରକ୍ଷା ଉପରେ ଏକ କବିତା ପାଠ କାର୍ଯ୍ୟକ୍ରମ ଅନୁଷ୍ଠିତ ହୋଇଯାଇଛି। ବିଶିଷ୍ଟ କବିମାନେ ନିଜ ରଚନା ପାଠ କରିଥିଲେ। ବନାଞ୍ଚଳ ସଂରକ୍ଷଣ ଓ ଜଳ ଅପଚୟ ରୋକିବା ପାଇଁ ସଚେତନତା ସୃଷ୍ଟି କରିବା ଏହାର ଉଦ୍ଦେଶ୍ୟ ଥିଲା। ଯୁବପିଢ଼ିଙ୍କୁ ପରିବେଶ ସୁରକ୍ଷାରେ ସାମିଲ କରିବା ପାଇଁ ଆୟୋଜକମାନେ ଆହ୍ୱାନ ଦେଇଥିଲେ। ଉପସ୍ଥିତ ଦର୍ଶକମାନେ କବିତାକୁ ଉତ୍ସାହର ସହ ଗ୍ରହଣ କରିଥିଲେ।
ଭୁବନେଶ୍ୱର,୧।୮(ସମ୍ବାଦ ବ୍ୟୁରୋ): ଜଳ ସଂରକ୍ଷଣ ଓ ପରିବେଶ ସୁରକ୍ଷା ଉପରେ ଏକ କବିତା ପାଠ କାର୍ଯ୍ୟକ୍ରମ ଅନୁଷ୍ଠିତ ହୋଇଯାଇଛି। ବିଶିଷ୍ଟ କବିମାନେ ନିଜ ରଚନା ପାଠ କରିଥିଲେ। ବନାଞ୍ଚଳ ସଂରକ୍ଷଣ ଓ ଜଳ ଅପଚୟ ରୋକିବା ପାଇଁ ସଚେତନତା ସୃଷ୍ଟି କରିବା ଏହାର ଉଦ୍ଦେଶ୍ୟ ଥିଲା। ଯୁବପିଢ଼ିଙ୍କୁ ପରିବେଶ ସୁରକ୍ଷାରେ ସାମିଲ କରିବା ପାଇଁ ଆୟୋଜକମାନେ ଆହ୍ୱାନ ଦେଇଥିଲେ। ଉପସ୍ଥିତ ଦର୍ଶକମାନେ କବିତାକୁ ଉତ୍ସାହର ସହ ଗ୍ରହଣ କରିଥିଲେ।
ଜଳଜନ ସମସ୍ୟାରେ ମେହେନ୍ତା ବାଲି ସୁଦର୍ଶନ ପଧାନଙ୍କ ଜୋରଦାର
ଭୁବନେଶ୍ୱର,୧।୮(ସମ୍ବାଦ ବ୍ୟୁରୋ): ସହରର ବିଭିନ୍ନ ବସ୍ତିରେ ପାନୀୟ ଜଳ ସମସ୍ୟା ଗୁରୁତର ରୂପ ନେଇଛି। ଟ୍ୟାଙ୍କର ଯୋଗେ ଜଳ ଯୋଗାଣ ଅନିୟମିତ ହେଉଥିବାରୁ ବାସିନ୍ଦାମାନେ ଅସନ୍ତୋଷ ପ୍ରକାଶ କରିଛନ୍ତି। ସ୍ଥାନୀୟ କର୍ପୋରେଟରଙ୍କ ନେତୃତ୍ୱରେ ଲୋକେ ଜଳ ବିଭାଗ କାର୍ଯ୍ୟାଳୟ ଘେରାଉ କରିଥିଲେ। ଅଧିକାରୀମାନେ ଶୀଘ୍ର ସମସ୍ୟା ସମାଧାନର ପ୍ରତିଶ୍ରୁତି ଦେଇଛନ୍ତି। ନୂଆ ପାଇପଲାଇନ ସଂଯୋଗ ପାଇଁ କାର୍ଯ୍ୟ ଚାଲିଛି।
ଭୁବନେଶ୍ୱର,୧।୮(ସମ୍ବାଦ ବ୍ୟୁରୋ): ସହରର ବିଭିନ୍ନ ବସ୍ତିରେ ପାନୀୟ ଜଳ ସମସ୍ୟା ଗୁରୁତର ରୂପ ନେଇଛି। ଟ୍ୟାଙ୍କର ଯୋଗେ ଜଳ ଯୋଗାଣ ଅନିୟମିତ ହେଉଥିବାରୁ ବାସିନ୍ଦାମାନେ ଅସନ୍ତୋଷ ପ୍ରକାଶ କରିଛନ୍ତି। ସ୍ଥାନୀୟ କର୍ପୋରେଟରଙ୍କ ନେତୃତ୍ୱରେ ଲୋକେ ଜଳ ବିଭାଗ କାର୍ଯ୍ୟାଳୟ ଘେରାଉ କରିଥିଲେ। ଅଧିକାରୀମାନେ ଶୀଘ୍ର ସମସ୍ୟା ସମାଧାନର ପ୍ରତିଶ୍ରୁତି ଦେଇଛନ୍ତି। ନୂଆ ପାଇପଲାଇନ ସଂଯୋଗ ପାଇଁ କାର୍ଯ୍ୟ ଚାଲିଛି।
ଭୁବନେଶ୍ୱର,୧।୮(ସମ୍ବାଦ ବ୍ୟୁରୋ): ସହରର ବିଭିନ୍ନ ବସ୍ତିରେ ପାନୀୟ ଜଳ ସମସ୍ୟା ଗୁରୁତର ରୂପ ନେଇଛି। ଟ୍ୟାଙ୍କର ଯୋଗେ ଜଳ ଯୋଗାଣ ଅନିୟମିତ ହେଉଥିବାରୁ ବାସିନ୍ଦାମାନେ ଅସନ୍ତୋଷ ପ୍ରକାଶ କରିଛନ୍ତି। ସ୍ଥାନୀୟ କର୍ପୋରେଟରଙ୍କ ନେତୃତ୍ୱରେ ଲୋକେ ଜଳ ବିଭାଗ କାର୍ଯ୍ୟାଳୟ ଘେରାଉ କରିଥିଲେ। ଅଧିକାରୀମାନେ ଶୀଘ୍ର ସମସ୍ୟା ସମାଧାନର ପ୍ରତିଶ୍ରୁତି ଦେଇଛନ୍ତି। ନୂଆ ପାଇପଲାଇନ ସଂଯୋଗ ପାଇଁ କାର୍ଯ୍ୟ ଚାଲିଛି।
